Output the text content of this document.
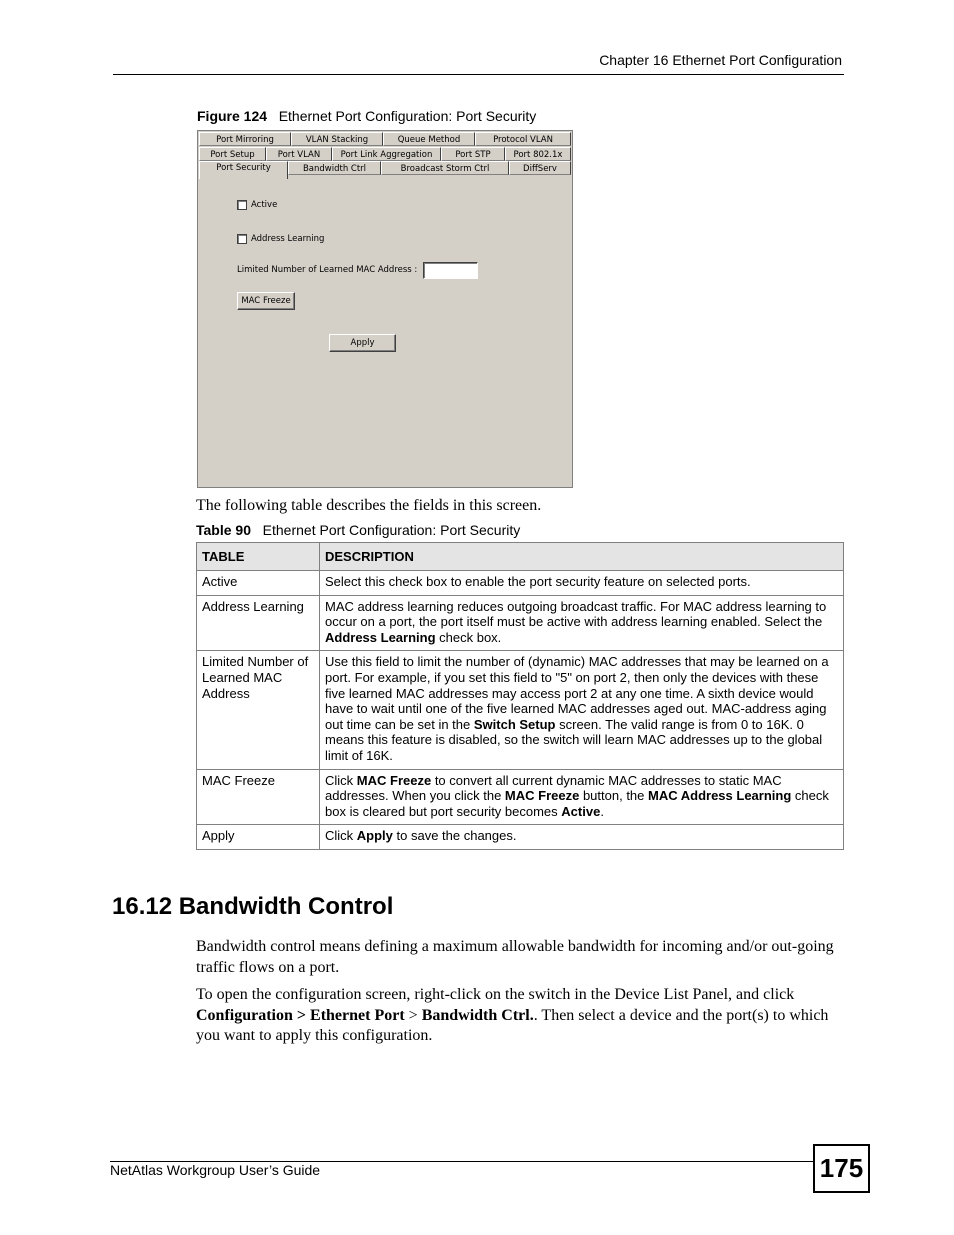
Chapter 16 Ethernet Port Configuration
Figure 124 Ethernet Port Configuration: Port Security
Port Mirroring	VLAN Stacking	Queue Method	Protocol VLAN
Port Setup	Port VLAN	Port Link Aggregation	Port STP	Port 802.1x
Port Security	Bandwidth Ctrl	Broadcast Storm Ctrl	DiffServ
Active
Address Learning
Limited Number of Learned MAC Address :
MAC Freeze
Apply
The following table describes the fields in this screen.
Table 90 Ethernet Port Configuration: Port Security
TABLE	DESCRIPTION
Active	Select this check box to enable the port security feature on selected ports.
Address Learning	MAC address learning reduces outgoing broadcast traffic. For MAC address learning to occur on a port, the port itself must be active with address learning enabled. Select the Address Learning check box.
Limited Number of Learned MAC Address	Use this field to limit the number of (dynamic) MAC addresses that may be learned on a port. For example, if you set this field to "5" on port 2, then only the devices with these five learned MAC addresses may access port 2 at any one time. A sixth device would have to wait until one of the five learned MAC addresses aged out. MAC-address aging out time can be set in the Switch Setup screen. The valid range is from 0 to 16K. 0 means this feature is disabled, so the switch will learn MAC addresses up to the global limit of 16K.
MAC Freeze	Click MAC Freeze to convert all current dynamic MAC addresses to static MAC addresses. When you click the MAC Freeze button, the MAC Address Learning check box is cleared but port security becomes Active.
Apply	Click Apply to save the changes.
16.12 Bandwidth Control
Bandwidth control means defining a maximum allowable bandwidth for incoming and/or out-going traffic flows on a port.
To open the configuration screen, right-click on the switch in the Device List Panel, and click Configuration > Ethernet Port > Bandwidth Ctrl.. Then select a device and the port(s) to which you want to apply this configuration.
NetAtlas Workgroup User’s Guide	175
